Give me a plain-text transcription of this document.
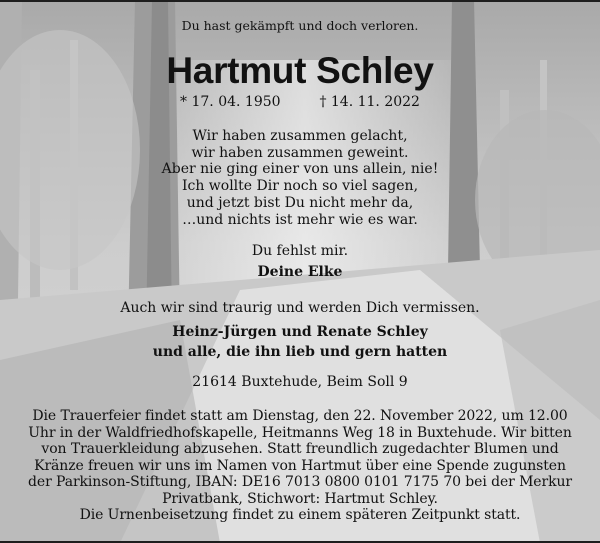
Du hast gekämpft und doch verloren.
Hartmut Schley
* 17. 04. 1950	† 14. 11. 2022
Wir haben zusammen gelacht,
wir haben zusammen geweint.
Aber nie ging einer von uns allein, nie!
Ich wollte Dir noch so viel sagen,
und jetzt bist Du nicht mehr da,
…und nichts ist mehr wie es war.
Du fehlst mir.
Deine Elke
Auch wir sind traurig und werden Dich vermissen.
Heinz-Jürgen und Renate Schley
und alle, die ihn lieb und gern hatten
21614 Buxtehude, Beim Soll 9
Die Trauerfeier findet statt am Dienstag, den 22. November 2022, um 12.00
Uhr in der Waldfriedhofskapelle, Heitmanns Weg 18 in Buxtehude. Wir bitten
von Trauerkleidung abzusehen. Statt freundlich zugedachter Blumen und
Kränze freuen wir uns im Namen von Hartmut über eine Spende zugunsten
der Parkinson-Stiftung, IBAN: DE16 7013 0800 0101 7175 70 bei der Merkur
Privatbank, Stichwort: Hartmut Schley.
Die Urnenbeisetzung findet zu einem späteren Zeitpunkt statt.
